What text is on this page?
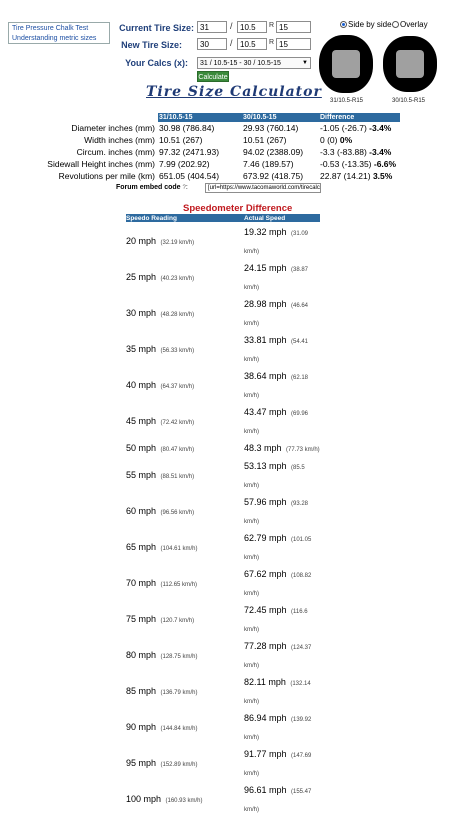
Tire Pressure Chalk Test
Understanding metric sizes
Current Tire Size: 31	/ 10.5	R 15
New Tire Size:	30	/ 10.5	R 15
Your Calcs (x):	31 / 10.5-15 - 30 / 10.5-15	▼
Calculate
Side by side Overlay
31/10.5-R15	30/10.5-R15
Tire Size Calculator
	31/10.5-15	30/10.5-15	Difference
Diameter inches (mm)	30.98 (786.84)	29.93 (760.14)	-1.05 (-26.7) -3.4%
Width inches (mm)	10.51 (267)	10.51 (267)	0 (0) 0%
Circum. inches (mm)	97.32 (2471.93)	94.02 (2388.09)	-3.3 (-83.88) -3.4%
Sidewall Height inches (mm)	7.99 (202.92)	7.46 (189.57)	-0.53 (-13.35) -6.6%
Revolutions per mile (km)	651.05 (404.54)	673.92 (418.75)	22.87 (14.21) 3.5%
Forum embed code ?:	[url=https://www.tacomaworld.com/tirecalc
Speedometer Difference
Speedo Reading	Actual Speed
20 mph (32.19 km/h)	19.32 mph (31.09 km/h)
25 mph (40.23 km/h)	24.15 mph (38.87 km/h)
30 mph (48.28 km/h)	28.98 mph (46.64 km/h)
35 mph (56.33 km/h)	33.81 mph (54.41 km/h)
40 mph (64.37 km/h)	38.64 mph (62.18 km/h)
45 mph (72.42 km/h)	43.47 mph (69.96 km/h)
50 mph (80.47 km/h)	48.3 mph (77.73 km/h)
55 mph (88.51 km/h)	53.13 mph (85.5 km/h)
60 mph (96.56 km/h)	57.96 mph (93.28 km/h)
65 mph (104.61 km/h)	62.79 mph (101.05 km/h)
70 mph (112.65 km/h)	67.62 mph (108.82 km/h)
75 mph (120.7 km/h)	72.45 mph (116.6 km/h)
80 mph (128.75 km/h)	77.28 mph (124.37 km/h)
85 mph (136.79 km/h)	82.11 mph (132.14 km/h)
90 mph (144.84 km/h)	86.94 mph (139.92 km/h)
95 mph (152.89 km/h)	91.77 mph (147.69 km/h)
100 mph (160.93 km/h)	96.61 mph (155.47 km/h)
